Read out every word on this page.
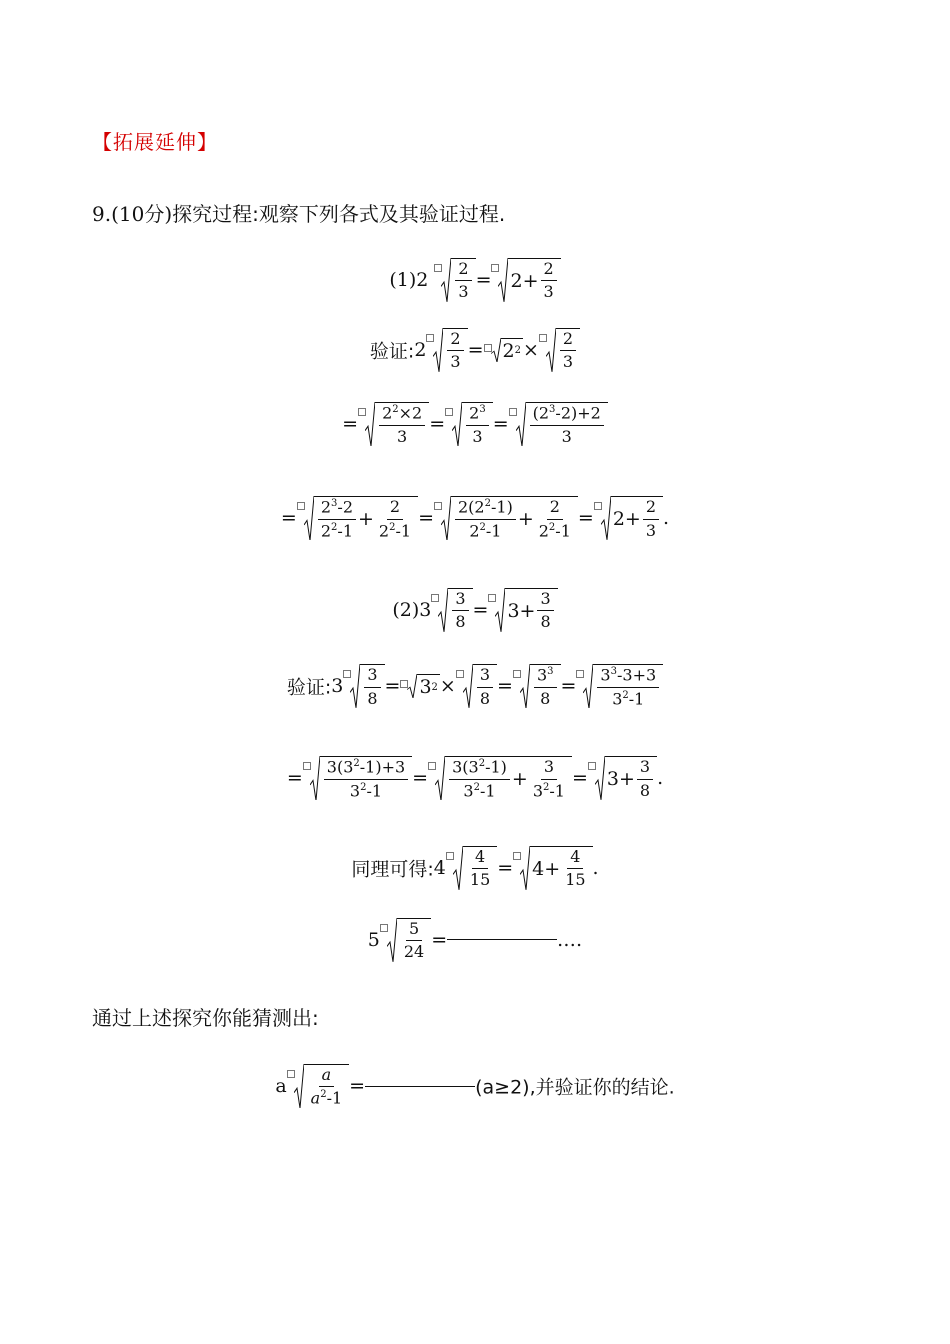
【拓展延伸】
9.(10分)探究过程:观察下列各式及其验证过程.
$(1)2 \frac{2}{3} = 2+ \frac{2}{3}$
验证:2 $\frac{2}{3} = 2$ $2 \times \frac{2}{3}$
= $\frac{2^2\times 2}{3} = \frac{2^3}{3} = \frac{(2^3-2)+2}{3}$
= $\frac{2^3-2}{2^2-1} + \frac{2}{2^2-1} = \frac{2(2^2-1)}{2^2-1} + \frac{2}{2^2-1} = 2+ \frac{2}{3}$ .
$(2)3 \frac{3}{8} = 3+ \frac{3}{8}$
验证:3 $\frac{3}{8} = 3$ $2 \times \frac{3}{8} = \frac{3^3}{8} = \frac{3^3-3+3}{3^2-1}$
= $\frac{3(3^2-1)+3}{3^2-1} = \frac{3(3^2-1)}{3^2-1} + \frac{3}{3^2-1} = 3+ \frac{3}{8}$ .
同理可得:4 $\frac{4}{15} = 4+ \frac{4}{15}$ .
$5 \frac{5}{24}$ =	.…
通过上述探究你能猜测出:
a $\frac{a}{a^2-1}$ =	(a≥2),并验证你的结论.
